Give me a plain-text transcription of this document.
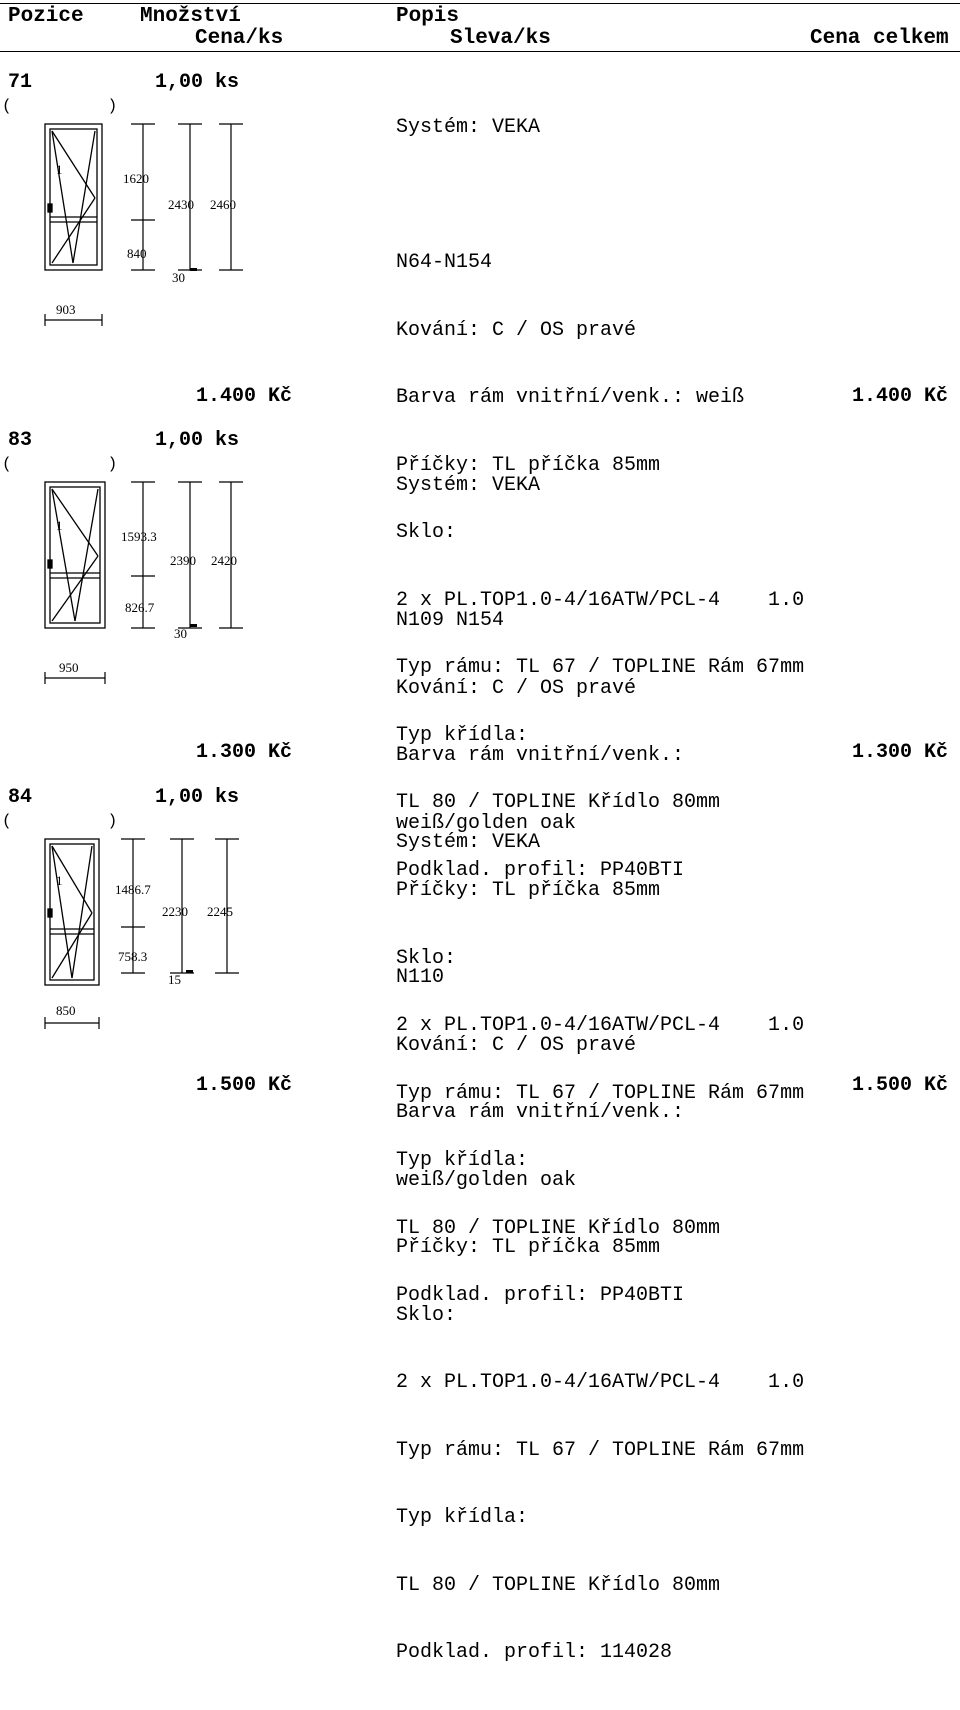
Pozice	Množství
Cena/ks
Popis
Sleva/ks	Cena celkem
71	1,00 ks
(          )
1
1620
840
2430 2460
30
903

Systém: VEKA

N64-N154

Kování: C / OS pravé

Barva rám vnitřní/venk.: weiß

Příčky: TL příčka 85mm

Sklo:

2 x PL.TOP1.0-4/16ATW/PCL-4    1.0

Typ rámu: TL 67 / TOPLINE Rám 67mm

Typ křídla:

TL 80 / TOPLINE Křídlo 80mm

Podklad. profil: PP40BTI

1.400 Kč	1.400 Kč
83	1,00 ks
(          )
1
1593.3
826.7
2390 2420
30
950

Systém: VEKA

N109 N154

Kování: C / OS pravé

Barva rám vnitřní/venk.:

weiß/golden oak

Příčky: TL příčka 85mm

Sklo:

2 x PL.TOP1.0-4/16ATW/PCL-4    1.0

Typ rámu: TL 67 / TOPLINE Rám 67mm

Typ křídla:

TL 80 / TOPLINE Křídlo 80mm

Podklad. profil: PP40BTI

1.300 Kč	1.300 Kč
84	1,00 ks
(          )
1
1486.7
758.3
2230 2245
15
850

Systém: VEKA

N110

Kování: C / OS pravé

Barva rám vnitřní/venk.:

weiß/golden oak

Příčky: TL příčka 85mm

Sklo:

2 x PL.TOP1.0-4/16ATW/PCL-4    1.0

Typ rámu: TL 67 / TOPLINE Rám 67mm

Typ křídla:

TL 80 / TOPLINE Křídlo 80mm

Podklad. profil: 114028

1.500 Kč	1.500 Kč
